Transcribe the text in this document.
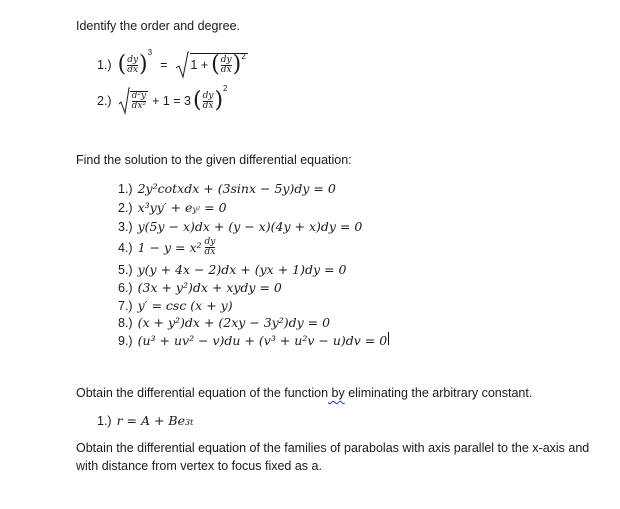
Identify the order and degree.
1.) ( $\frac{dy}{dx}$ ) 3
= 1 + ( $\frac{dy}{dx}$ ) 2
$2.) \frac{\text{d²y}}{\text{dx²}} + 1 = 3$ ( $\frac{dy}{dx}$ ) 2
Find the solution to the given differential equation:
1.) 2y²cotxdx + (3sinx − 5y)dy = 0
2.) x³yy′ + e y² = 0
3.) y(5y − x)dx + (y − x)(4y + x)dy = 0
4.) $1 - y = x^2 \frac{dy}{dx}$
5.) y(y + 4x − 2)dx + (yx + 1)dy = 0
6.) (3x + y²)dx + xydy = 0
7.) y′ = csc (x + y)
8.) (x + y²)dx + (2xy − 3y²)dy = 0
9.) (u³ + uv² − v)du + (v³ + u²v − u)dv = 0
Obtain the differential equation of the function by eliminating the arbitrary constant.
1.) r = A + Be 3t
Obtain the differential equation of the families of parabolas with axis parallel to the x-axis and
with distance from vertex to focus fixed as a.
